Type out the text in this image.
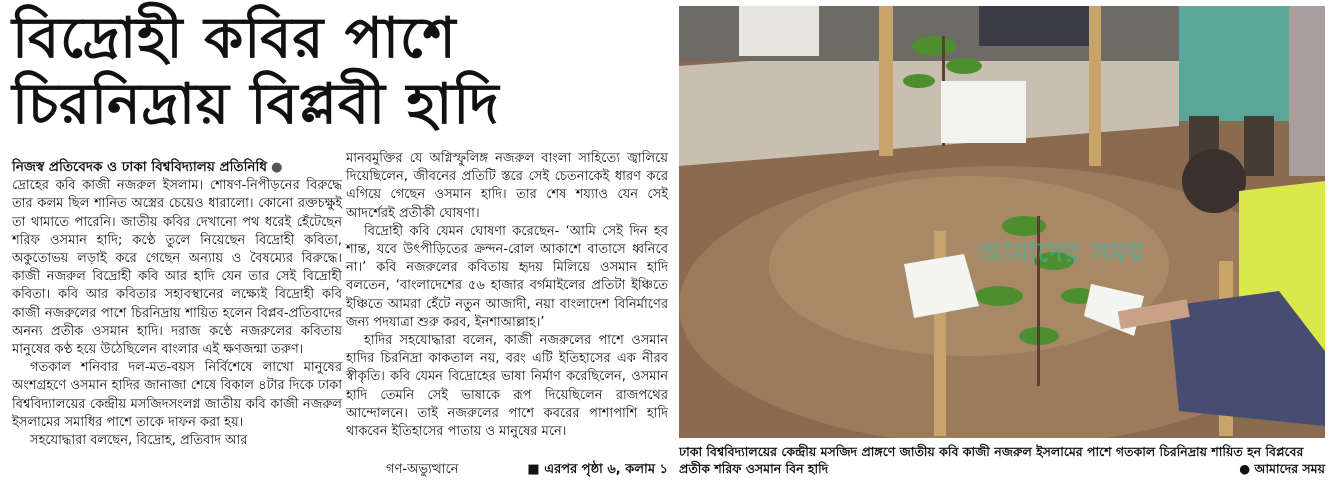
বিদ্রোহী কবির পাশে
চিরনিদ্রায় বিপ্লবী হাদি

নিজস্ব প্রতিবেদক ও ঢাকা বিশ্ববিদ্যালয় প্রতিনিধি ●

দ্রোহের কবি কাজী নজরুল ইসলাম। শোষণ-নিপীড়নের বিরুদ্ধে তার কলম ছিল শানিত অস্ত্রের চেয়েও ধারালো। কোনো রক্তচক্ষুই তা থামাতে পারেনি। জাতীয় কবির দেখানো পথ ধরেই হেঁটেছেন শরিফ ওসমান হাদি; কণ্ঠে তুলে নিয়েছেন বিদ্রোহী কবিতা, অকুতোভয় লড়াই করে গেছেন অন্যায় ও বৈষম্যের বিরুদ্ধে। কাজী নজরুল বিদ্রোহী কবি আর হাদি যেন তার সেই বিদ্রোহী কবিতা। কবি আর কবিতার সহাবস্থানের লক্ষ্যেই বিদ্রোহী কবি কাজী নজরুলের পাশে চিরনিদ্রায় শায়িত হলেন বিপ্লব-প্রতিবাদের অনন্য প্রতীক ওসমান হাদি। দরাজ কণ্ঠে নজরুলের কবিতায় মানুষের কণ্ঠ হয়ে উঠেছিলেন বাংলার এই ক্ষণজন্মা তরুণ।

গতকাল শনিবার দল-মত-বয়স নির্বিশেষে লাখো মানুষের অংশগ্রহণে ওসমান হাদির জানাজা শেষে বিকাল ৪টার দিকে ঢাকা বিশ্ববিদ্যালয়ের কেন্দ্রীয় মসজিদসংলগ্ন জাতীয় কবি কাজী নজরুল ইসলামের সমাধির পাশে তাকে দাফন করা হয়।

সহযোদ্ধারা বলছেন, বিদ্রোহ, প্রতিবাদ আর

মানবমুক্তির যে অগ্নিস্ফুলিঙ্গ নজরুল বাংলা সাহিত্যে জ্বালিয়ে দিয়েছিলেন, জীবনের প্রতিটি স্তরে সেই চেতনাকেই ধারণ করে এগিয়ে গেছেন ওসমান হাদি। তার শেষ শয্যাও যেন সেই আদর্শেরই প্রতীকী ঘোষণা।

বিদ্রোহী কবি যেমন ঘোষণা করেছেন- ‘আমি সেই দিন হব শান্ত, যবে উৎপীড়িতের ক্রন্দন-রোল আকাশে বাতাসে ধ্বনিবে না।’ কবি নজরুলের কবিতায় হৃদয় মিলিয়ে ওসমান হাদি বলতেন, ‘বাংলাদেশের ৫৬ হাজার বর্গমাইলের প্রতিটা ইঞ্চিতে ইঞ্চিতে আমরা হেঁটে নতুন আজাদী, নয়া বাংলাদেশ বিনির্মাণের জন্য পদযাত্রা শুরু করব, ইনশাআল্লাহ।’

হাদির সহযোদ্ধারা বলেন, কাজী নজরুলের পাশে ওসমান হাদির চিরনিদ্রা কাকতাল নয়, বরং এটি ইতিহাসের এক নীরব স্বীকৃতি। কবি যেমন বিদ্রোহের ভাষা নির্মাণ করেছিলেন, ওসমান হাদি তেমনি সেই ভাষাকে রূপ দিয়েছিলেন রাজপথের আন্দোলনে। তাই নজরুলের পাশে কবরের পাশাপাশি হাদি থাকবেন ইতিহাসের পাতায় ও মানুষের মনে।

গণ-অভ্যুত্থানে	■ এরপর পৃষ্ঠা ৬, কলাম ১
আমাদের সময়
ঢাকা বিশ্ববিদ্যালয়ের কেন্দ্রীয় মসজিদ প্রাঙ্গণে জাতীয় কবি কাজী নজরুল ইসলামের পাশে গতকাল চিরনিদ্রায় শায়িত হন বিপ্লবের প্রতীক শরিফ ওসমান বিন হাদি	● আমাদের সময়
